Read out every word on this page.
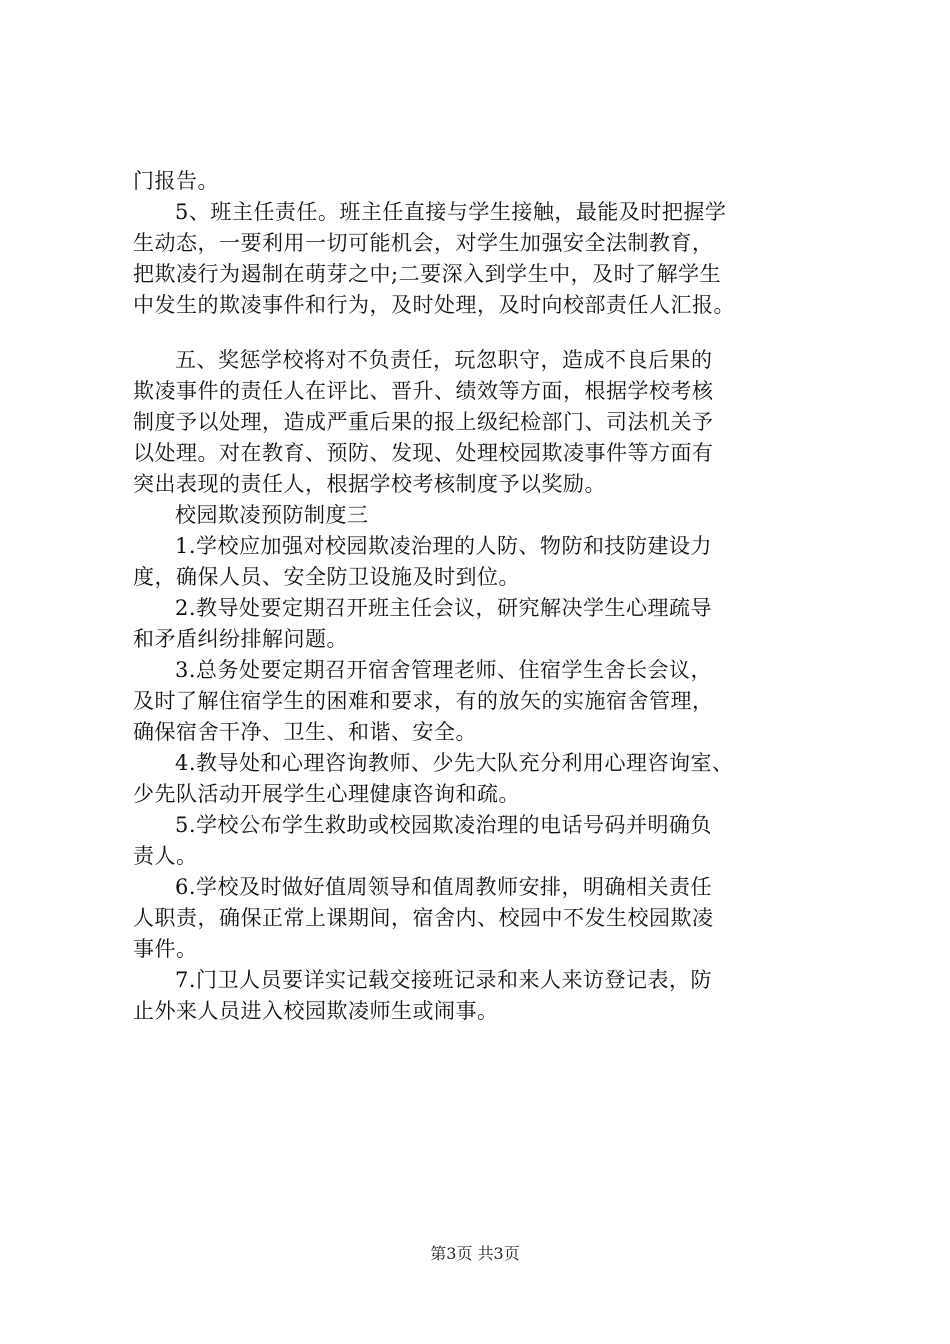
门报告。
5、班主任责任。班主任直接与学生接触，最能及时把握学
生动态，一要利用一切可能机会，对学生加强安全法制教育，
把欺凌行为遏制在萌芽之中;二要深入到学生中，及时了解学生
中发生的欺凌事件和行为，及时处理，及时向校部责任人汇报。
五、奖惩学校将对不负责任，玩忽职守，造成不良后果的
欺凌事件的责任人在评比、晋升、绩效等方面，根据学校考核
制度予以处理，造成严重后果的报上级纪检部门、司法机关予
以处理。对在教育、预防、发现、处理校园欺凌事件等方面有
突出表现的责任人，根据学校考核制度予以奖励。
校园欺凌预防制度三
1.学校应加强对校园欺凌治理的人防、物防和技防建设力
度，确保人员、安全防卫设施及时到位。
2.教导处要定期召开班主任会议，研究解决学生心理疏导
和矛盾纠纷排解问题。
3.总务处要定期召开宿舍管理老师、住宿学生舍长会议，
及时了解住宿学生的困难和要求，有的放矢的实施宿舍管理，
确保宿舍干净、卫生、和谐、安全。
4.教导处和心理咨询教师、少先大队充分利用心理咨询室、
少先队活动开展学生心理健康咨询和疏。
5.学校公布学生救助或校园欺凌治理的电话号码并明确负
责人。
6.学校及时做好值周领导和值周教师安排，明确相关责任
人职责，确保正常上课期间，宿舍内、校园中不发生校园欺凌
事件。
7.门卫人员要详实记载交接班记录和来人来访登记表，防
止外来人员进入校园欺凌师生或闹事。
第3页 共3页
